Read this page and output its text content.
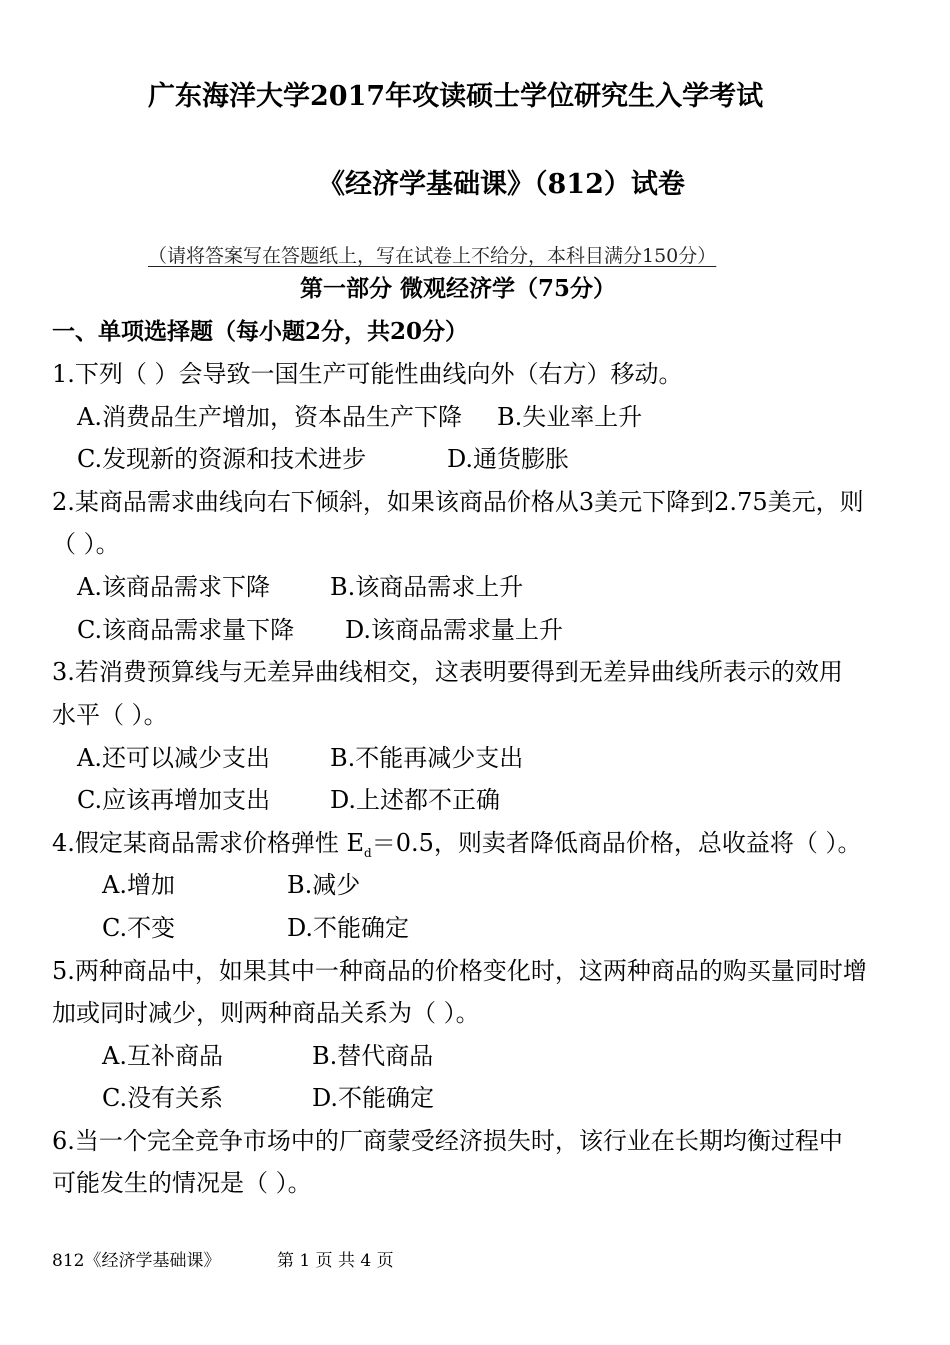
广东海洋大学2017年攻读硕士学位研究生入学考试
《经济学基础课》（812）试卷
（请将答案写在答题纸上，写在试卷上不给分，本科目满分150分）
第一部分 微观经济学（75分）
一、单项选择题（每小题2分，共20分）
1.下列（ ）会导致一国生产可能性曲线向外（右方）移动。
A.消费品生产增加，资本品生产下降 B.失业率上升
C.发现新的资源和技术进步	D.通货膨胀
2.某商品需求曲线向右下倾斜，如果该商品价格从3美元下降到2.75美元，则
（ ）。
A.该商品需求下降	B.该商品需求上升
C.该商品需求量下降 D.该商品需求量上升
3.若消费预算线与无差异曲线相交，这表明要得到无差异曲线所表示的效用
水平（ ）。
A.还可以减少支出	B.不能再减少支出
C.应该再增加支出 D.上述都不正确
4.假定某商品需求价格弹性 $E_d=0.5$，则卖者降低商品价格，总收益将（ ）。
A.增加	B.减少
C.不变	D.不能确定
5.两种商品中，如果其中一种商品的价格变化时，这两种商品的购买量同时增
加或同时减少，则两种商品关系为（ ）。
A.互补商品	B.替代商品
C.没有关系	D.不能确定
6.当一个完全竞争市场中的厂商蒙受经济损失时，该行业在长期均衡过程中
可能发生的情况是（ ）。
812《经济学基础课》	第 1 页 共 4 页
